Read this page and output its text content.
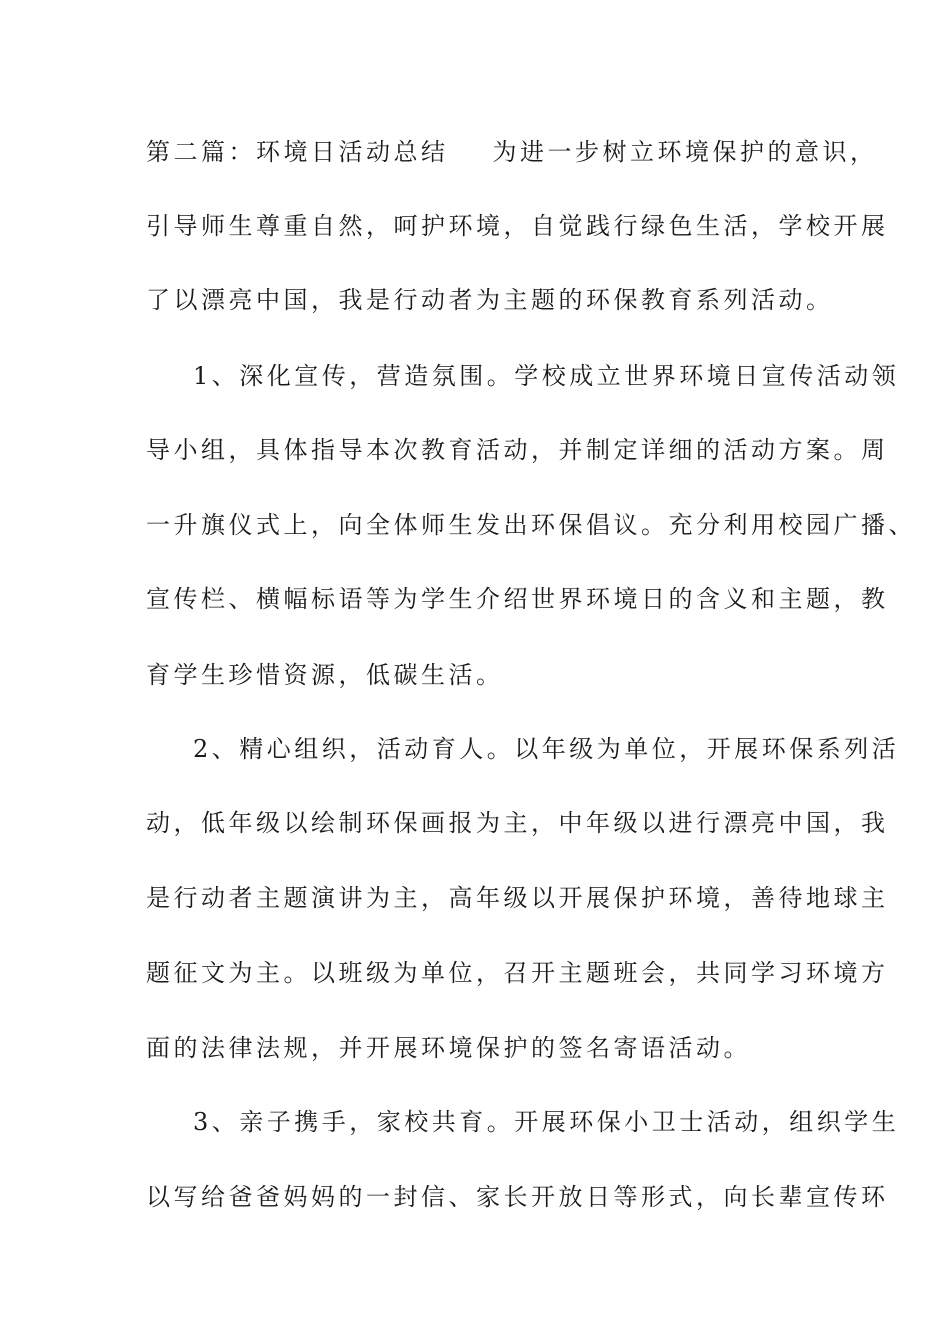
第二篇：环境日活动总结 为进一步树立环境保护的意识，
引导师生尊重自然，呵护环境，自觉践行绿色生活，学校开展
了以漂亮中国，我是行动者为主题的环保教育系列活动。
1、深化宣传，营造氛围。学校成立世界环境日宣传活动领
导小组，具体指导本次教育活动，并制定详细的活动方案。周
一升旗仪式上，向全体师生发出环保倡议。充分利用校园广播、
宣传栏、横幅标语等为学生介绍世界环境日的含义和主题，教
育学生珍惜资源，低碳生活。
2、精心组织，活动育人。以年级为单位，开展环保系列活
动，低年级以绘制环保画报为主，中年级以进行漂亮中国，我
是行动者主题演讲为主，高年级以开展保护环境，善待地球主
题征文为主。以班级为单位，召开主题班会，共同学习环境方
面的法律法规，并开展环境保护的签名寄语活动。
3、亲子携手，家校共育。开展环保小卫士活动，组织学生
以写给爸爸妈妈的一封信、家长开放日等形式，向长辈宣传环
